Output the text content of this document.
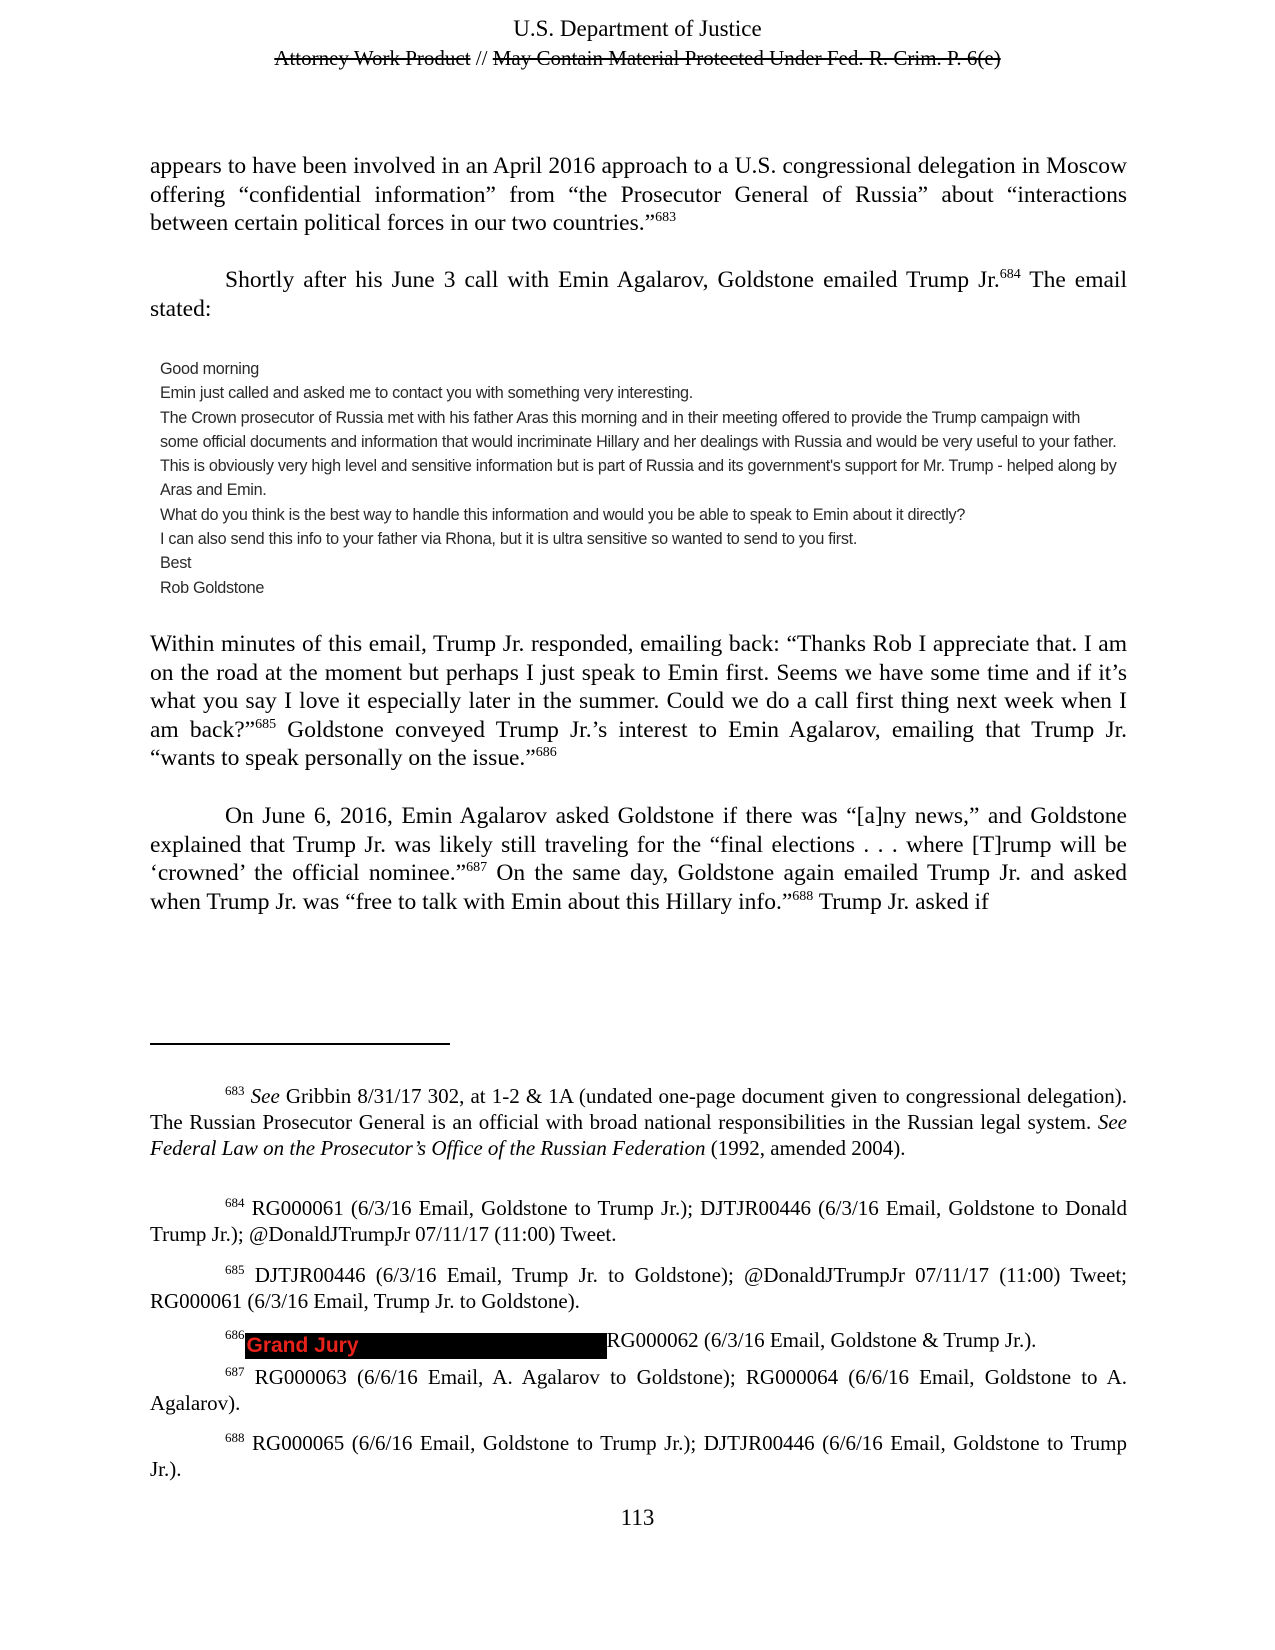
U.S. Department of Justice
Attorney Work Product // May Contain Material Protected Under Fed. R. Crim. P. 6(e)
appears to have been involved in an April 2016 approach to a U.S. congressional delegation in Moscow offering “confidential information” from “the Prosecutor General of Russia” about “interactions between certain political forces in our two countries.”$^{683}$
Shortly after his June 3 call with Emin Agalarov, Goldstone emailed Trump Jr.$^{684}$ The email stated:
Good morning
Emin just called and asked me to contact you with something very interesting.
The Crown prosecutor of Russia met with his father Aras this morning and in their meeting offered to provide the Trump campaign with
some official documents and information that would incriminate Hillary and her dealings with Russia and would be very useful to your father.
This is obviously very high level and sensitive information but is part of Russia and its government's support for Mr. Trump - helped along by
Aras and Emin.
What do you think is the best way to handle this information and would you be able to speak to Emin about it directly?
I can also send this info to your father via Rhona, but it is ultra sensitive so wanted to send to you first.
Best
Rob Goldstone
Within minutes of this email, Trump Jr. responded, emailing back: “Thanks Rob I appreciate that. I am on the road at the moment but perhaps I just speak to Emin first. Seems we have some time and if it’s what you say I love it especially later in the summer. Could we do a call first thing next week when I am back?”$^{685}$ Goldstone conveyed Trump Jr.’s interest to Emin Agalarov, emailing that Trump Jr. “wants to speak personally on the issue.”$^{686}$
On June 6, 2016, Emin Agalarov asked Goldstone if there was “[a]ny news,” and Goldstone explained that Trump Jr. was likely still traveling for the “final elections . . . where [T]rump will be ‘crowned’ the official nominee.”$^{687}$ On the same day, Goldstone again emailed Trump Jr. and asked when Trump Jr. was “free to talk with Emin about this Hillary info.”$^{688}$ Trump Jr. asked if
$^{683}$ See Gribbin 8/31/17 302, at 1-2 & 1A (undated one-page document given to congressional delegation). The Russian Prosecutor General is an official with broad national responsibilities in the Russian legal system. See Federal Law on the Prosecutor’s Office of the Russian Federation (1992, amended 2004).
$^{684}$ RG000061 (6/3/16 Email, Goldstone to Trump Jr.); DJTJR00446 (6/3/16 Email, Goldstone to Donald Trump Jr.); @DonaldJTrumpJr 07/11/17 (11:00) Tweet.
$^{685}$ DJTJR00446 (6/3/16 Email, Trump Jr. to Goldstone); @DonaldJTrumpJr 07/11/17 (11:00) Tweet; RG000061 (6/3/16 Email, Trump Jr. to Goldstone).
$^{686}$Grand Jury	RG000062 (6/3/16 Email, Goldstone & Trump Jr.).
$^{687}$ RG000063 (6/6/16 Email, A. Agalarov to Goldstone); RG000064 (6/6/16 Email, Goldstone to A. Agalarov).
$^{688}$ RG000065 (6/6/16 Email, Goldstone to Trump Jr.); DJTJR00446 (6/6/16 Email, Goldstone to Trump Jr.).
113
